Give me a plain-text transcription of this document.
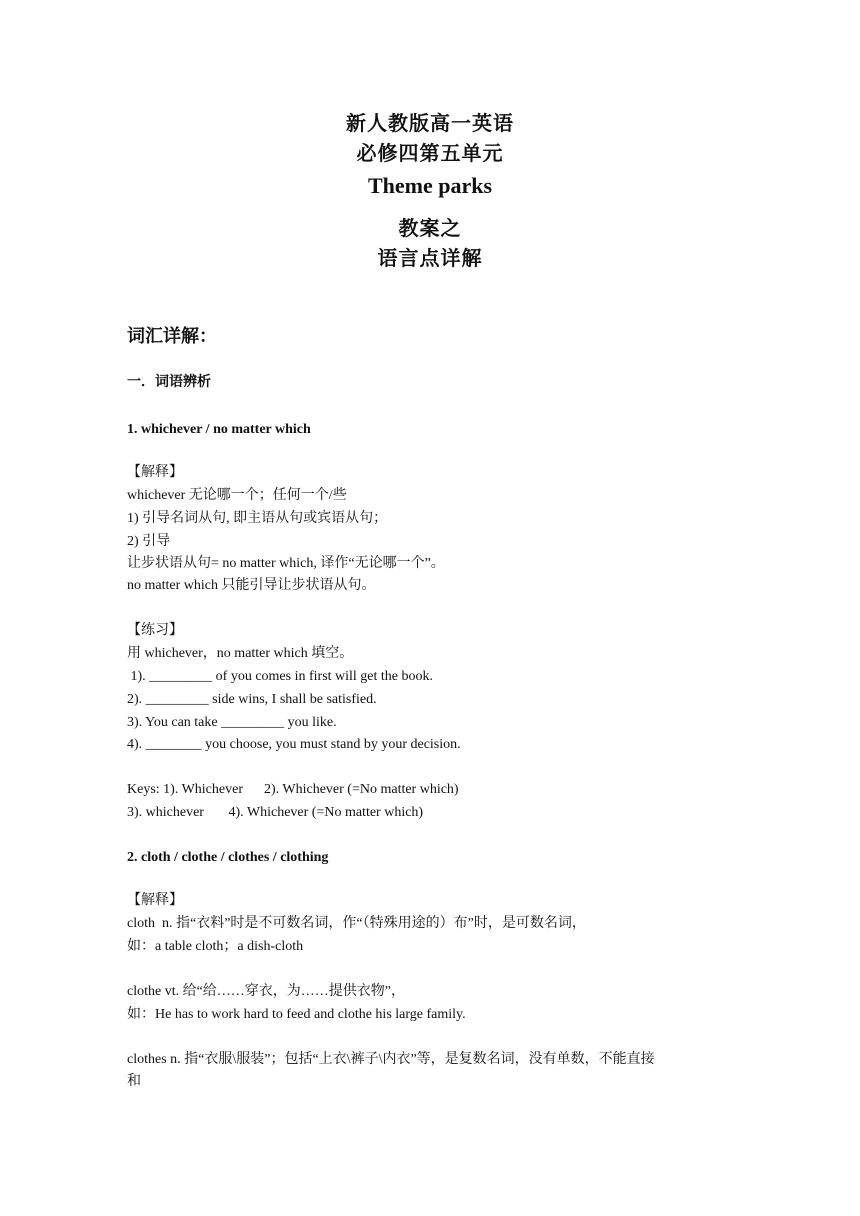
新人教版高一英语
必修四第五单元
Theme parks
教案之
语言点详解
词汇详解：
一．词语辨析
1. whichever / no matter which
【解释】
whichever 无论哪一个；任何一个/些
1) 引导名词从句, 即主语从句或宾语从句；
2) 引导
让步状语从句= no matter which, 译作“无论哪一个”。
no matter which 只能引导让步状语从句。
【练习】
用 whichever，no matter which 填空。
1). _________ of you comes in first will get the book.
2). _________ side wins, I shall be satisfied.
3). You can take _________ you like.
4). ________ you choose, you must stand by your decision.
Keys: 1). Whichever      2). Whichever (=No matter which)
3). whichever       4). Whichever (=No matter which)
2. cloth / clothe / clothes / clothing
【解释】
cloth  n. 指“衣料”时是不可数名词，作“（特殊用途的）布”时，是可数名词，
如：a table cloth；a dish-cloth
clothe vt. 给“给……穿衣，为……提供衣物”，
如：He has to work hard to feed and clothe his large family.
clothes n. 指“衣服\服装”；包括“上衣\裤子\内衣”等，是复数名词，没有单数，不能直接
和
